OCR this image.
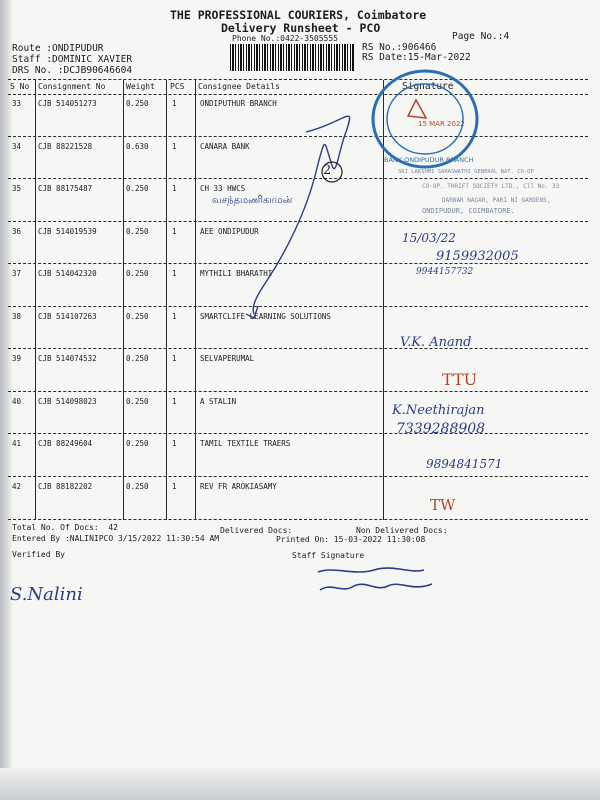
THE PROFESSIONAL COURIERS, Coimbatore
Delivery Runsheet - PCO
Phone No.:0422-3505555	Page No.:4
Route :ONDIPUDUR
Staff :DOMINIC XAVIER
DRS No. :DCJB90646604
RS No.:906466
RS Date:15-Mar-2022
S No Consignment No	Weight PCS Consignee Details	Signature
33 CJB 514051273	0.250	1	ONDIPUTHUR BRANCH
34 CJB 88221528	0.630	1	CANARA BANK
35 CJB 88175487	0.250	1	CH 33 HWCS
36 CJB 514019539	0.250	1	AEE ONDIPUDUR
37 CJB 514042320	0.250	1	MYTHILI BHARATHI
38 CJB 514107263	0.250	1	SMARTCLIFE LEARNING SOLUTIONS
39 CJB 514074532	0.250	1	SELVAPERUMAL
40 CJB 514098023	0.250	1	A STALIN
41 CJB 88249604	0.250	1	TAMIL TEXTILE TRAERS
42 CJB 88182202	0.250	1	REV FR AROKIASAMY
Total No. Of Docs:  42	Delivered Docs:	Non Delivered Docs:
Entered By :NALINIPCO 3/15/2022 11:30:54 AM	Printed On: 15-03-2022 11:30:08
Verified By	Staff Signature
15 MAR 2022
BANK ONDIPUDUR BRANCH
SRI LAKSHMI SARASWATHI GENERAL NAT. CO-OP
CO-OP. THRIFT SOCIETY LTD., Cll No. 33
DARNAR NAGAR, PARI NI GARDENS,
ONDIPUDUR, COIMBATORE.
2
வசந்தமணிகாமன்
15/03/22
9159932005
9944157732
V.K. Anand
TTU
K.Neethirajan
7339288908
9894841571
TW
S.Nalini
